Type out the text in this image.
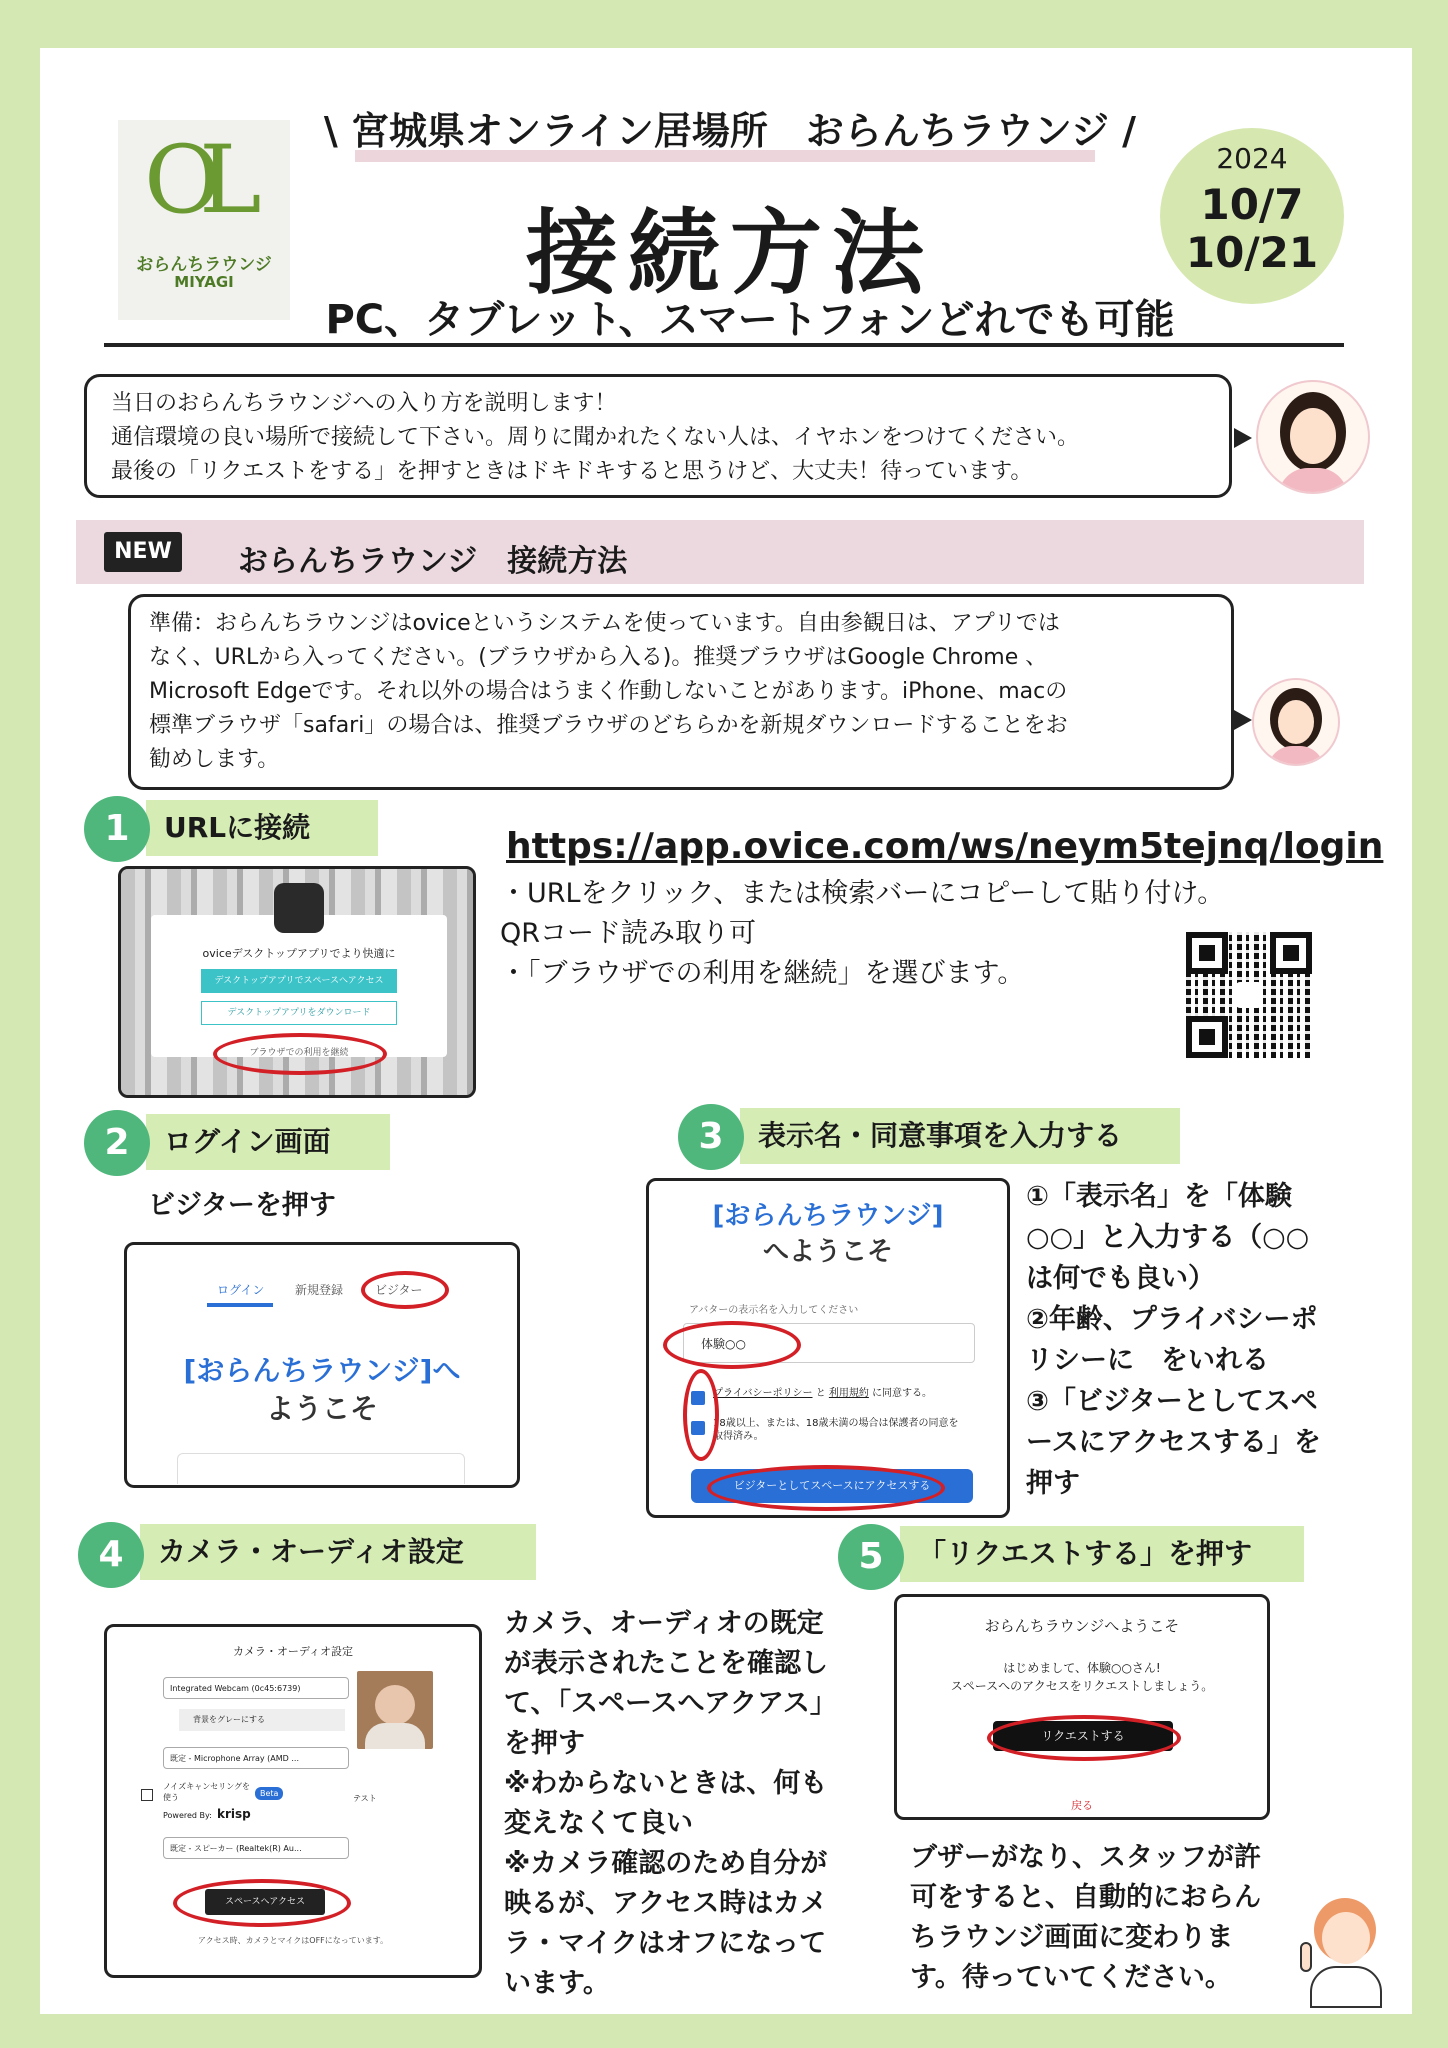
OL
おらんちラウンジ
MIYAGI
\ 宮城県オンライン居場所　おらんちラウンジ /
接続方法
PC、タブレット、スマートフォンどれでも可能
2024
10/7
10/21
当日のおらんちラウンジへの入り方を説明します！
通信環境の良い場所で接続して下さい。周りに聞かれたくない人は、イヤホンをつけてください。
最後の「リクエストをする」を押すときはドキドキすると思うけど、大丈夫！待っています。
NEW	おらんちラウンジ　接続方法
準備：おらんちラウンジはoviceというシステムを使っています。自由参観日は、アプリでは
なく、URLから入ってください。(ブラウザから入る)。推奨ブラウザはGoogle Chrome 、
Microsoft Edgeです。それ以外の場合はうまく作動しないことがあります。iPhone、macの
標準ブラウザ「safari」の場合は、推奨ブラウザのどちらかを新規ダウンロードすることをお
勧めします。
URLに接続
1
oviceデスクトップアプリでより快適に
デスクトップアプリでスペースへアクセス
デスクトップアプリをダウンロード
ブラウザでの利用を継続
https://app.ovice.com/ws/neym5tejnq/login
・URLをクリック、または検索バーにコピーして貼り付け。
QRコード読み取り可
・「ブラウザでの利用を継続」を選びます。
ログイン画面
2
ビジターを押す
ログイン	新規登録	ビジター
[おらんちラウンジ]へ
ようこそ
表示名・同意事項を入力する
3
[おらんちラウンジ]
へようこそ
アバターの表示名を入力してください
体験○○
プライバシーポリシー と 利用規約 に同意する。
18歳以上、または、18歳未満の場合は保護者の同意を取得済み。
ビジターとしてスペースにアクセスする
①「表示名」を「体験
○○」と入力する（○○
は何でも良い）
②年齢、プライバシーポ
リシーに　をいれる
③「ビジターとしてスペ
ースにアクセスする」を
押す
カメラ・オーディオ設定
4
カメラ・オーディオ設定
Integrated Webcam (0c45:6739)
背景をグレーにする
既定 - Microphone Array (AMD ...
ノイズキャンセリングを使う	Beta
Powered By: krisp
テスト
既定 - スピーカー (Realtek(R) Au...
スペースへアクセス
アクセス時、カメラとマイクはOFFになっています。
カメラ、オーディオの既定
が表示されたことを確認し
て、「スペースへアクアス」
を押す
※わからないときは、何も
変えなくて良い
※カメラ確認のため自分が
映るが、アクセス時はカメ
ラ・マイクはオフになって
います。
「リクエストする」を押す
5
おらんちラウンジへようこそ
はじめまして、体験○○さん!
スペースへのアクセスをリクエストしましょう。
リクエストする
戻る
ブザーがなり、スタッフが許
可をすると、自動的におらん
ちラウンジ画面に変わりま
す。待っていてください。
